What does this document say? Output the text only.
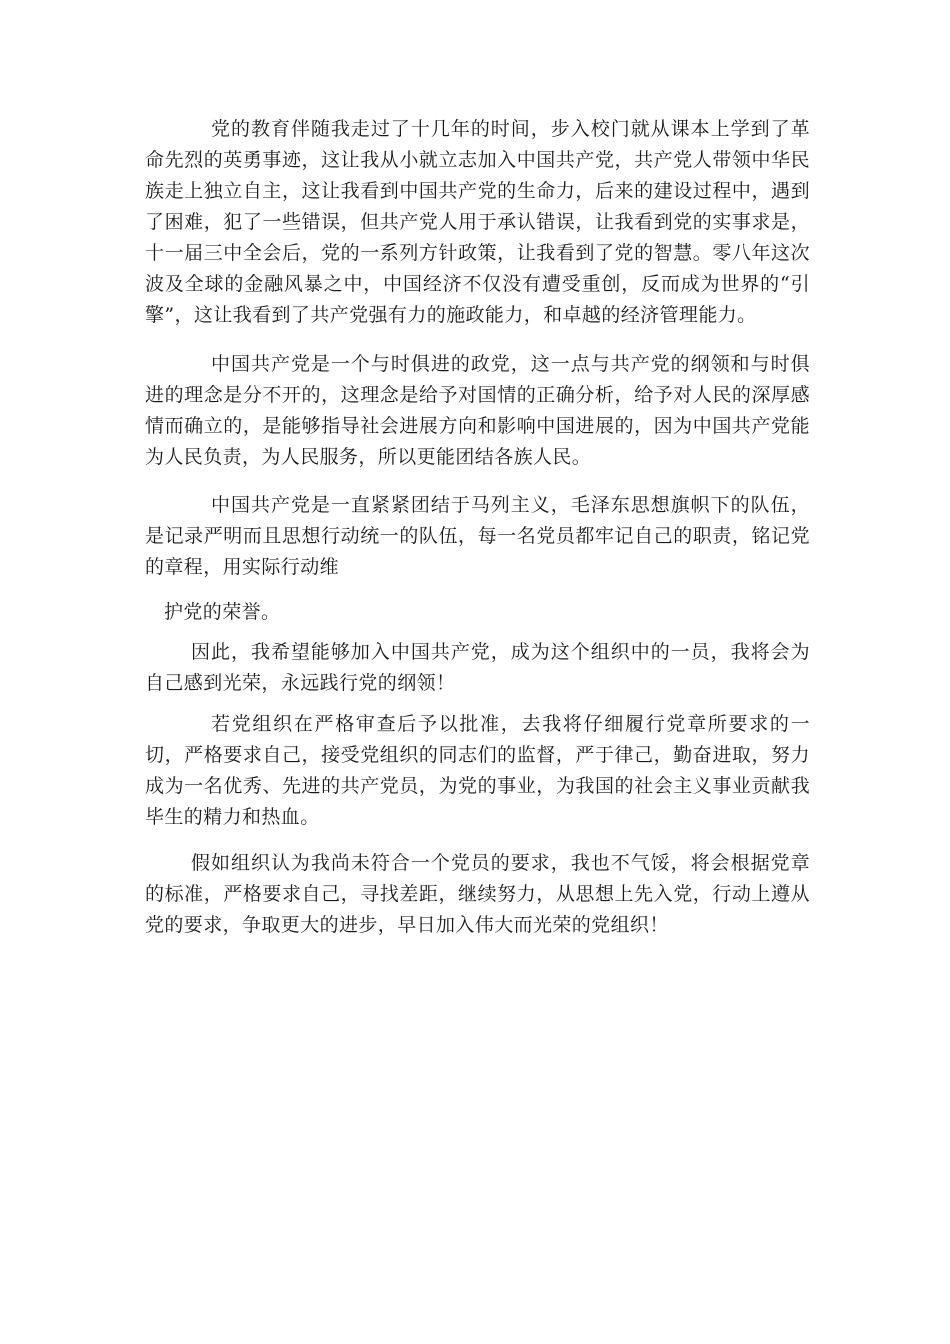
党的教育伴随我走过了十几年的时间，步入校门就从课本上学到了革命先烈的英勇事迹，这让我从小就立志加入中国共产党，共产党人带领中华民族走上独立自主，这让我看到中国共产党的生命力，后来的建设过程中，遇到了困难，犯了一些错误，但共产党人用于承认错误，让我看到党的实事求是，十一届三中全会后，党的一系列方针政策，让我看到了党的智慧。零八年这次波及全球的金融风暴之中，中国经济不仅没有遭受重创，反而成为世界的“引擎”，这让我看到了共产党强有力的施政能力，和卓越的经济管理能力。

中国共产党是一个与时俱进的政党，这一点与共产党的纲领和与时俱进的理念是分不开的，这理念是给予对国情的正确分析，给予对人民的深厚感情而确立的，是能够指导社会进展方向和影响中国进展的，因为中国共产党能为人民负责，为人民服务，所以更能团结各族人民。

中国共产党是一直紧紧团结于马列主义，毛泽东思想旗帜下的队伍，是记录严明而且思想行动统一的队伍，每一名党员都牢记自己的职责，铭记党的章程，用实际行动维

护党的荣誉。

因此，我希望能够加入中国共产党，成为这个组织中的一员，我将会为自己感到光荣，永远践行党的纲领！

若党组织在严格审查后予以批准，去我将仔细履行党章所要求的一切，严格要求自己，接受党组织的同志们的监督，严于律己，勤奋进取，努力成为一名优秀、先进的共产党员，为党的事业，为我国的社会主义事业贡献我毕生的精力和热血。

假如组织认为我尚未符合一个党员的要求，我也不气馁，将会根据党章的标准，严格要求自己，寻找差距，继续努力，从思想上先入党，行动上遵从党的要求，争取更大的进步，早日加入伟大而光荣的党组织！
